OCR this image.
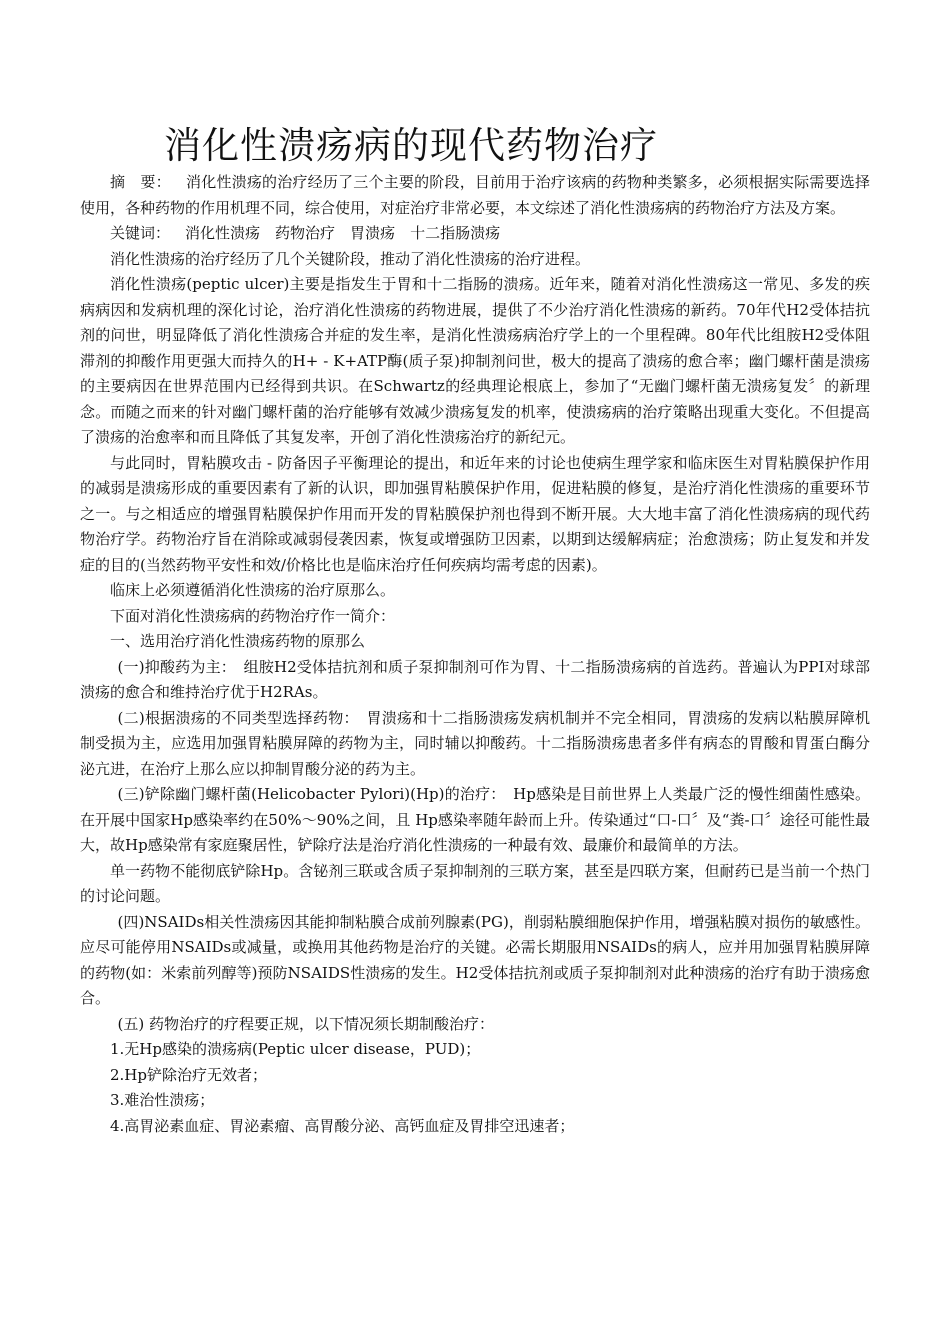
消化性溃疡病的现代药物治疗

摘　要： 消化性溃疡的治疗经历了三个主要的阶段，目前用于治疗该病的药物种类繁多，必须根据实际需要选择使用，各种药物的作用机理不同，综合使用，对症治疗非常必要，本文综述了消化性溃疡病的药物治疗方法及方案。

关键词： 消化性溃疡 药物治疗 胃溃疡 十二指肠溃疡

消化性溃疡的治疗经历了几个关键阶段，推动了消化性溃疡的治疗进程。

消化性溃疡(peptic ulcer)主要是指发生于胃和十二指肠的溃疡。近年来，随着对消化性溃疡这一常见、多发的疾病病因和发病机理的深化讨论，治疗消化性溃疡的药物进展，提供了不少治疗消化性溃疡的新药。70年代H2受体拮抗剂的问世，明显降低了消化性溃疡合并症的发生率，是消化性溃疡病治疗学上的一个里程碑。80年代比组胺H2受体阻滞剂的抑酸作用更强大而持久的H+ - K+ATP酶(质子泵)抑制剂问世，极大的提高了溃疡的愈合率；幽门螺杆菌是溃疡的主要病因在世界范围内已经得到共识。在Schwartz的经典理论根底上，参加了“无幽门螺杆菌无溃疡复发〞的新理念。而随之而来的针对幽门螺杆菌的治疗能够有效减少溃疡复发的机率，使溃疡病的治疗策略出现重大变化。不但提高了溃疡的治愈率和而且降低了其复发率，开创了消化性溃疡治疗的新纪元。

与此同时，胃粘膜攻击 - 防备因子平衡理论的提出，和近年来的讨论也使病生理学家和临床医生对胃粘膜保护作用的减弱是溃疡形成的重要因素有了新的认识，即加强胃粘膜保护作用，促进粘膜的修复，是治疗消化性溃疡的重要环节之一。与之相适应的增强胃粘膜保护作用而开发的胃粘膜保护剂也得到不断开展。大大地丰富了消化性溃疡病的现代药物治疗学。药物治疗旨在消除或减弱侵袭因素，恢复或增强防卫因素，以期到达缓解病症；治愈溃疡；防止复发和并发症的目的(当然药物平安性和效/价格比也是临床治疗任何疾病均需考虑的因素)。

临床上必须遵循消化性溃疡的治疗原那么。

下面对消化性溃疡病的药物治疗作一简介：

一、选用治疗消化性溃疡药物的原那么

(一)抑酸药为主：　组胺H2受体拮抗剂和质子泵抑制剂可作为胃、十二指肠溃疡病的首选药。普遍认为PPI对球部溃疡的愈合和维持治疗优于H2RAs。

(二)根据溃疡的不同类型选择药物：　胃溃疡和十二指肠溃疡发病机制并不完全相同，胃溃疡的发病以粘膜屏障机制受损为主，应选用加强胃粘膜屏障的药物为主，同时辅以抑酸药。十二指肠溃疡患者多伴有病态的胃酸和胃蛋白酶分泌亢进，在治疗上那么应以抑制胃酸分泌的药为主。

(三)铲除幽门螺杆菌(Helicobacter Pylori)(Hp)的治疗：　Hp感染是目前世界上人类最广泛的慢性细菌性感染。在开展中国家Hp感染率约在50%～90%之间，且 Hp感染率随年龄而上升。传染通过“口-口〞及“粪-口〞途径可能性最大，故Hp感染常有家庭聚居性，铲除疗法是治疗消化性溃疡的一种最有效、最廉价和最简单的方法。

单一药物不能彻底铲除Hp。含铋剂三联或含质子泵抑制剂的三联方案，甚至是四联方案，但耐药已是当前一个热门的讨论问题。

(四)NSAIDs相关性溃疡因其能抑制粘膜合成前列腺素(PG)，削弱粘膜细胞保护作用，增强粘膜对损伤的敏感性。应尽可能停用NSAIDs或减量，或换用其他药物是治疗的关键。必需长期服用NSAIDs的病人，应并用加强胃粘膜屏障的药物(如：米索前列醇等)预防NSAIDS性溃疡的发生。H2受体拮抗剂或质子泵抑制剂对此种溃疡的治疗有助于溃疡愈合。

(五) 药物治疗的疗程要正规，以下情况须长期制酸治疗：

1.无Hp感染的溃疡病(Peptic ulcer disease，PUD)；

2.Hp铲除治疗无效者；

3.难治性溃疡；

4.高胃泌素血症、胃泌素瘤、高胃酸分泌、高钙血症及胃排空迅速者；
